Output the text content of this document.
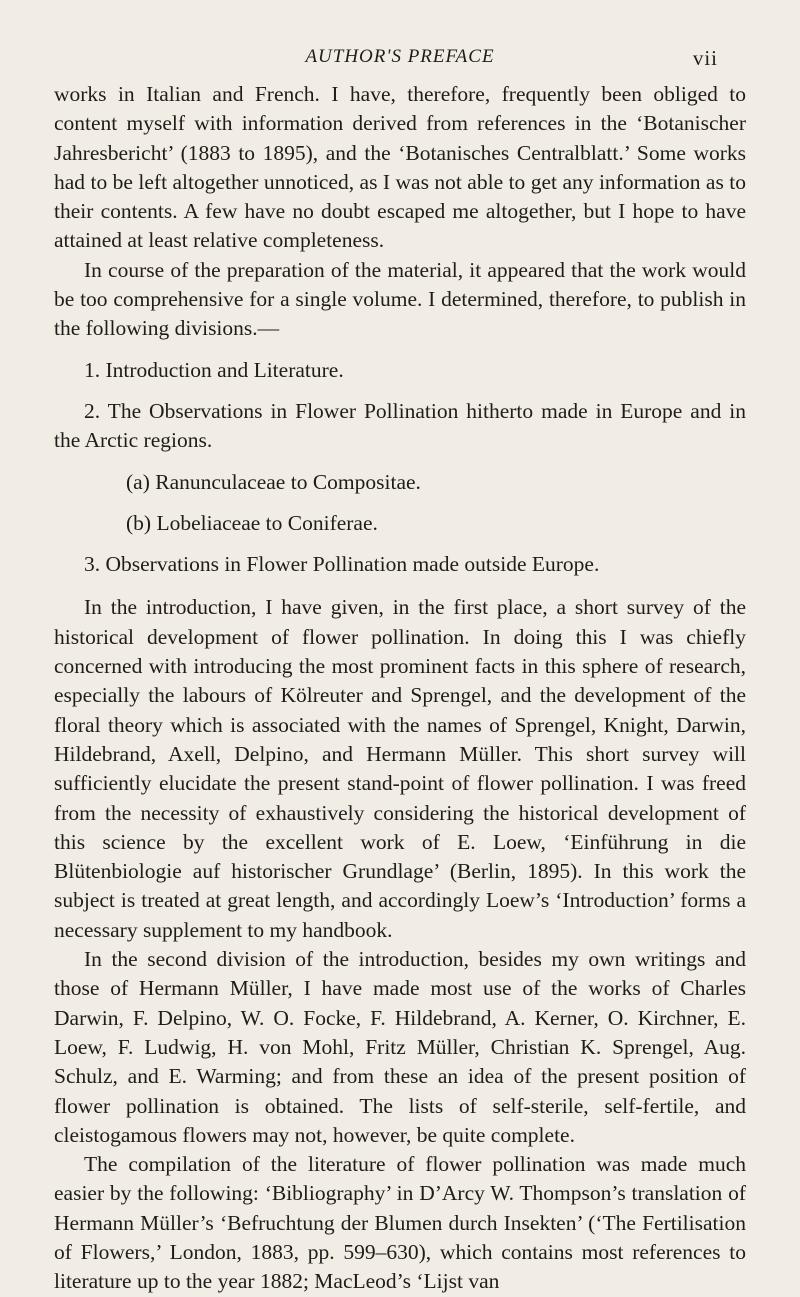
AUTHOR'S PREFACE	vii

works in Italian and French. I have, therefore, frequently been obliged to content myself with information derived from references in the ‘Botanischer Jahresbericht’ (1883 to 1895), and the ‘Botanisches Centralblatt.’ Some works had to be left altogether unnoticed, as I was not able to get any information as to their contents. A few have no doubt escaped me altogether, but I hope to have attained at least relative completeness.

In course of the preparation of the material, it appeared that the work would be too comprehensive for a single volume. I determined, therefore, to publish in the following divisions.—

1. Introduction and Literature.

2. The Observations in Flower Pollination hitherto made in Europe and in the Arctic regions.

(a) Ranunculaceae to Compositae.

(b) Lobeliaceae to Coniferae.

3. Observations in Flower Pollination made outside Europe.

In the introduction, I have given, in the first place, a short survey of the historical development of flower pollination. In doing this I was chiefly concerned with introducing the most prominent facts in this sphere of research, especially the labours of Kölreuter and Sprengel, and the development of the floral theory which is associated with the names of Sprengel, Knight, Darwin, Hildebrand, Axell, Delpino, and Hermann Müller. This short survey will sufficiently elucidate the present stand-point of flower pollination. I was freed from the necessity of exhaustively considering the historical development of this science by the excellent work of E. Loew, ‘Einführung in die Blütenbiologie auf historischer Grundlage’ (Berlin, 1895). In this work the subject is treated at great length, and accordingly Loew’s ‘Introduction’ forms a necessary supplement to my handbook.

In the second division of the introduction, besides my own writings and those of Hermann Müller, I have made most use of the works of Charles Darwin, F. Delpino, W. O. Focke, F. Hildebrand, A. Kerner, O. Kirchner, E. Loew, F. Ludwig, H. von Mohl, Fritz Müller, Christian K. Sprengel, Aug. Schulz, and E. Warming; and from these an idea of the present position of flower pollination is obtained. The lists of self-sterile, self-fertile, and cleistogamous flowers may not, however, be quite complete.

The compilation of the literature of flower pollination was made much easier by the following: ‘Bibliography’ in D’Arcy W. Thompson’s translation of Hermann Müller’s ‘Befruchtung der Blumen durch Insekten’ (‘The Fertilisation of Flowers,’ London, 1883, pp. 599–630), which contains most references to literature up to the year 1882; MacLeod’s ‘Lijst van
